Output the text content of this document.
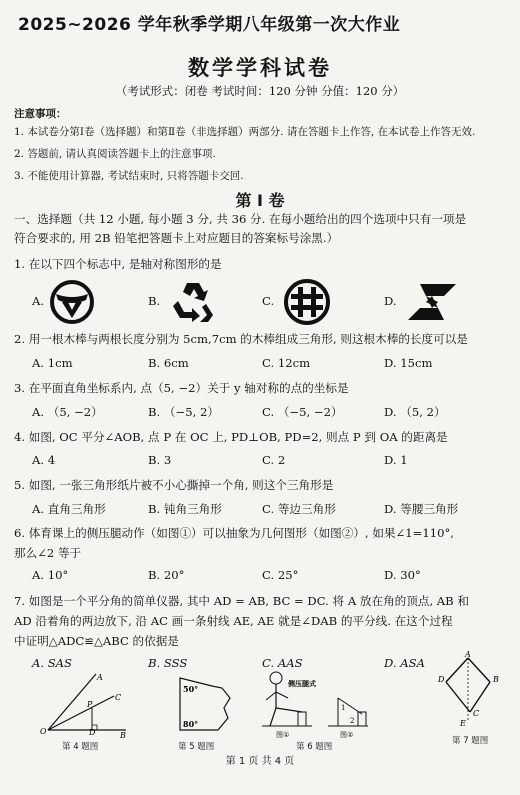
2025~2026 学年秋季学期八年级第一次大作业
数学学科试卷
（考试形式：闭卷 考试时间：120 分钟 分值：120 分）
注意事项：
1. 本试卷分第Ⅰ卷（选择题）和第Ⅱ卷（非选择题）两部分. 请在答题卡上作答, 在本试卷上作答无效.
2. 答题前, 请认真阅读答题卡上的注意事项.
3. 不能使用计算器, 考试结束时, 只将答题卡交回.
第 Ⅰ 卷
一、选择题（共 12 小题, 每小题 3 分, 共 36 分. 在每小题给出的四个选项中只有一项是
符合要求的, 用 2B 铅笔把答题卡上对应题目的答案标号涂黑.）
1. 在以下四个标志中, 是轴对称图形的是
A.	B.	C.	D.
2. 用一根木棒与两根长度分别为 5cm,7cm 的木棒组成三角形, 则这根木棒的长度可以是
A. 1cm	B. 6cm	C. 12cm	D. 15cm
3. 在平面直角坐标系内, 点（5, −2）关于 y 轴对称的点的坐标是
A. （5, −2）	B. （−5, 2）	C. （−5, −2）	D. （5, 2）
4. 如图, OC 平分∠AOB, 点 P 在 OC 上, PD⊥OB, PD=2, 则点 P 到 OA 的距离是
A. 4	B. 3	C. 2	D. 1
5. 如图, 一张三角形纸片被不小心撕掉一个角, 则这个三角形是
A. 直角三角形	B. 钝角三角形	C. 等边三角形	D. 等腰三角形
6. 体育课上的侧压腿动作（如图①）可以抽象为几何图形（如图②）, 如果∠1=110°,
那么∠2 等于
A. 10°	B. 20°	C. 25°	D. 30°
7. 如图是一个平分角的简单仪器, 其中 AD = AB, BC = DC. 将 A 放在角的顶点, AB 和
AD 沿着角的两边放下, 沿 AC 画一条射线 AE, AE 就是∠DAB 的平分线. 在这个过程
中证明△ADC≌△ABC 的依据是
A. SAS	B. SSS	C. AAS	D. ASA
A
C
P
O	D	B
第 4 题图
50°
80°
第 5 题图
侧压腿式
1
2
图①	图②
第 6 题图
A
D	B
C
E
第 7 题图
第 1 页 共 4 页
